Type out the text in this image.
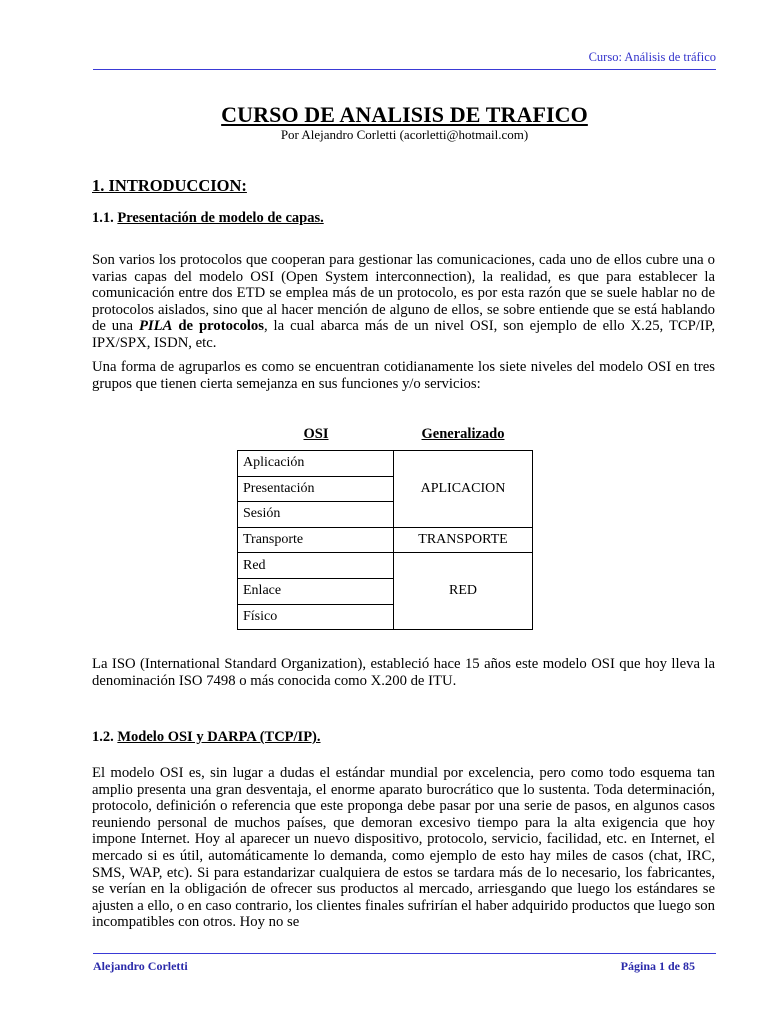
Curso: Análisis de tráfico
CURSO DE ANALISIS DE TRAFICO
Por Alejandro Corletti (acorletti@hotmail.com)
1. INTRODUCCION:
1.1. Presentación de modelo de capas.
Son varios los protocolos que cooperan para gestionar las comunicaciones, cada uno de ellos cubre una o varias capas del modelo OSI (Open System interconnection), la realidad, es que para establecer la comunicación entre dos ETD se emplea más de un protocolo, es por esta razón que se suele hablar no de protocolos aislados, sino que al hacer mención de alguno de ellos, se sobre entiende que se está hablando de una PILA de protocolos, la cual abarca más de un nivel OSI, son ejemplo de ello X.25, TCP/IP, IPX/SPX, ISDN, etc.
Una forma de agruparlos es como se encuentran cotidianamente los siete niveles del modelo OSI en tres grupos que tienen cierta semejanza en sus funciones y/o servicios:
OSI	Generalizado
Aplicación	APLICACION
Presentación	
Sesión	
Transporte	TRANSPORTE
Red	RED
Enlace	
Físico	
La ISO (International Standard Organization), estableció hace 15 años este modelo OSI que hoy lleva la denominación ISO 7498 o más conocida como X.200 de ITU.
1.2. Modelo OSI y DARPA (TCP/IP).
El modelo OSI es, sin lugar a dudas el estándar mundial por excelencia, pero como todo esquema tan amplio presenta una gran desventaja, el enorme aparato burocrático que lo sustenta. Toda determinación, protocolo, definición o referencia que este proponga debe pasar por una serie de pasos, en algunos casos reuniendo personal de muchos países, que demoran excesivo tiempo para la alta exigencia que hoy impone Internet. Hoy al aparecer un nuevo dispositivo, protocolo, servicio, facilidad, etc. en Internet, el mercado si es útil, automáticamente lo demanda, como ejemplo de esto hay miles de casos (chat, IRC, SMS, WAP, etc). Si para estandarizar cualquiera de estos se tardara más de lo necesario, los fabricantes, se verían en la obligación de ofrecer sus productos al mercado, arriesgando que luego los estándares se ajusten a ello, o en caso contrario, los clientes finales sufrirían el haber adquirido productos que luego son incompatibles con otros. Hoy no se
Alejandro Corletti	Página 1 de 85
